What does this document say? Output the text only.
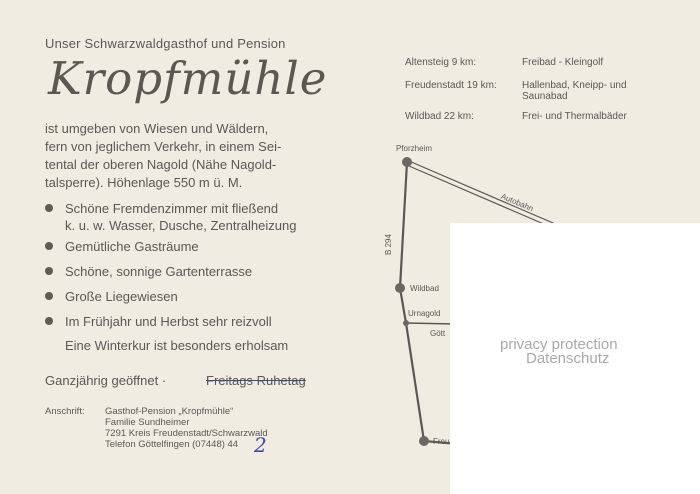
Unser Schwarzwaldgasthof und Pension
Kropfmühle
ist umgeben von Wiesen und Wäldern,
fern von jeglichem Verkehr, in einem Sei-
tental der oberen Nagold (Nähe Nagold-
talsperre). Höhenlage 550 m ü. M.
Schöne Fremdenzimmer mit fließend
k. u. w. Wasser, Dusche, Zentralheizung
Gemütliche Gasträume
Schöne, sonnige Gartenterrasse
Große Liegewiesen
Im Frühjahr und Herbst sehr reizvoll
Eine Winterkur ist besonders erholsam
Ganzjährig geöffnet ·	Freitags Ruhetag
Anschrift: Gasthof-Pension „Kropfmühle“
Familie Sundheimer
7291 Kreis Freudenstadt/Schwarzwald
Telefon Göttelfingen (07448) 44 2
Altensteig 9 km:	Freibad - Kleingolf
Freudenstadt 19 km:	Hallenbad, Kneipp- und Saunabad
Wildbad 22 km:	Frei- und Thermalbäder
Pforzheim
Wildbad
Urnagold
Gött
Freu
Autobahn
B 294
privacy protection
Datenschutz
